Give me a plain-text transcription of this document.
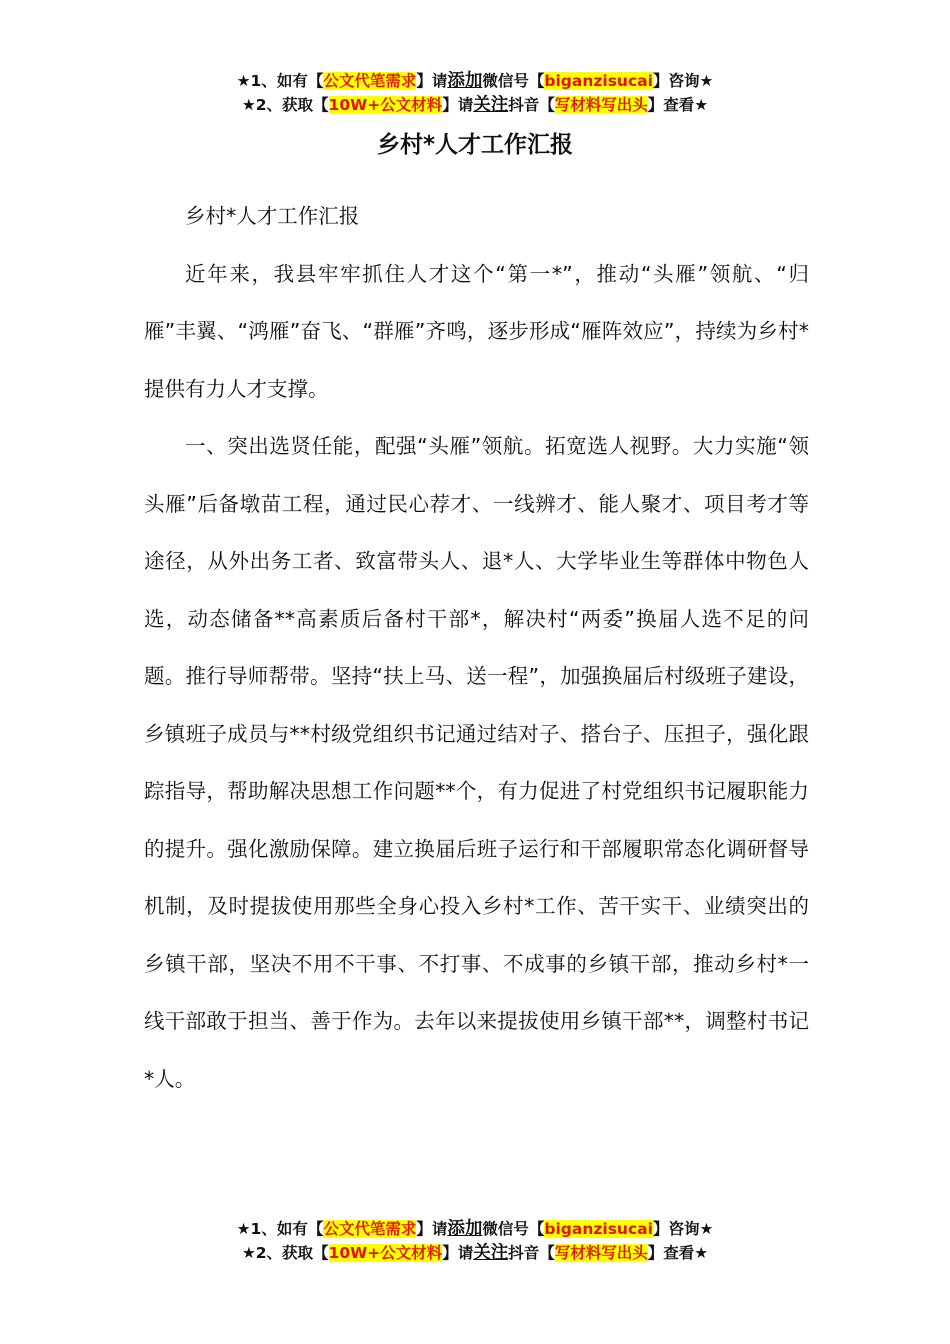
★1、如有【公文代笔需求】请添加微信号【biganzisucai】咨询★
★2、获取【10W+公文材料】请关注抖音【写材料写出头】查看★
乡村*人才工作汇报

乡村*人才工作汇报

近年来，我县牢牢抓住人才这个“第一*”，推动“头雁”领航、“归雁”丰翼、“鸿雁”奋飞、“群雁”齐鸣，逐步形成“雁阵效应”，持续为乡村*提供有力人才支撑。

一、突出选贤任能，配强“头雁”领航。拓宽选人视野。大力实施“领头雁”后备墩苗工程，通过民心荐才、一线辨才、能人聚才、项目考才等途径，从外出务工者、致富带头人、退*人、大学毕业生等群体中物色人选，动态储备**高素质后备村干部*，解决村“两委”换届人选不足的问题。推行导师帮带。坚持“扶上马、送一程”，加强换届后村级班子建设，乡镇班子成员与**村级党组织书记通过结对子、搭台子、压担子，强化跟踪指导，帮助解决思想工作问题**个，有力促进了村党组织书记履职能力的提升。强化激励保障。建立换届后班子运行和干部履职常态化调研督导机制，及时提拔使用那些全身心投入乡村*工作、苦干实干、业绩突出的乡镇干部，坚决不用不干事、不打事、不成事的乡镇干部，推动乡村*一线干部敢于担当、善于作为。去年以来提拔使用乡镇干部**，调整村书记*人。

★1、如有【公文代笔需求】请添加微信号【biganzisucai】咨询★
★2、获取【10W+公文材料】请关注抖音【写材料写出头】查看★
